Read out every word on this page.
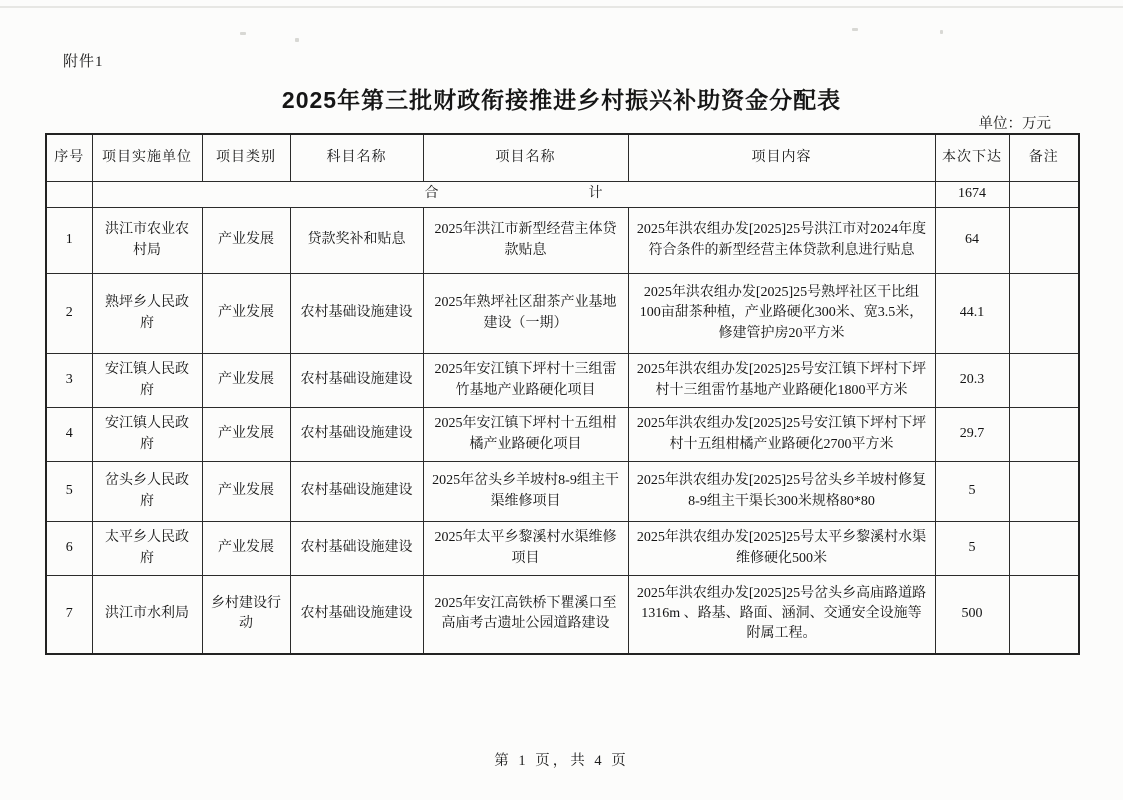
附件1
2025年第三批财政衔接推进乡村振兴补助资金分配表
单位：万元
序号	项目实施单位	项目类别	科目名称	项目名称	项目内容	本次下达	备注

	合 计					1674	
1	洪江市农业农村局	产业发展	贷款奖补和贴息	2025年洪江市新型经营主体贷款贴息	2025年洪农组办发[2025]25号洪江市对2024年度符合条件的新型经营主体贷款利息进行贴息	64	
2	熟坪乡人民政府	产业发展	农村基础设施建设	2025年熟坪社区甜茶产业基地建设（一期）	2025年洪农组办发[2025]25号熟坪社区干比组100亩甜茶种植，产业路硬化300米、宽3.5米，修建管护房20平方米	44.1	
3	安江镇人民政府	产业发展	农村基础设施建设	2025年安江镇下坪村十三组雷竹基地产业路硬化项目	2025年洪农组办发[2025]25号安江镇下坪村下坪村十三组雷竹基地产业路硬化1800平方米	20.3	
4	安江镇人民政府	产业发展	农村基础设施建设	2025年安江镇下坪村十五组柑橘产业路硬化项目	2025年洪农组办发[2025]25号安江镇下坪村下坪村十五组柑橘产业路硬化2700平方米	29.7	
5	岔头乡人民政府	产业发展	农村基础设施建设	2025年岔头乡羊坡村8-9组主干渠维修项目	2025年洪农组办发[2025]25号岔头乡羊坡村修复8-9组主干渠长300米规格80*80	5	
6	太平乡人民政府	产业发展	农村基础设施建设	2025年太平乡黎溪村水渠维修项目	2025年洪农组办发[2025]25号太平乡黎溪村水渠维修硬化500米	5	
7	洪江市水利局	乡村建设行动	农村基础设施建设	2025年安江高铁桥下瞿溪口至高庙考古遗址公园道路建设	2025年洪农组办发[2025]25号岔头乡高庙路道路1316m 、路基、路面、涵洞、交通安全设施等附属工程。	500	
第 1 页，共 4 页
